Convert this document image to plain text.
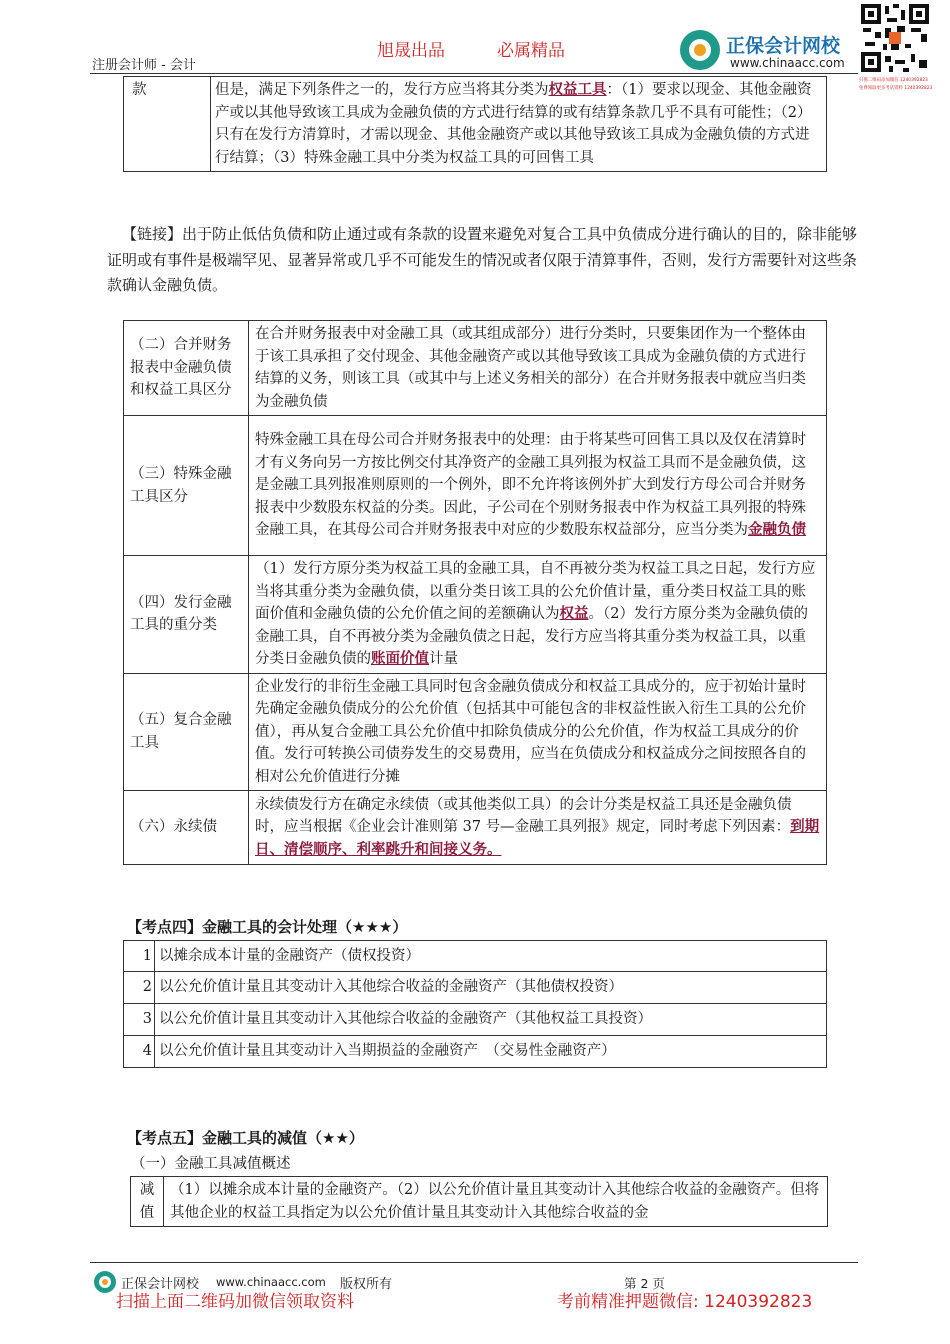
注册会计师 - 会计
旭晟出品	必属精品	正保会计网校
www.chinaacc.com
扫描二维码添加微信 1240392823
免费领取更多考试资料 1240392823
款	但是，满足下列条件之一的，发行方应当将其分类为权益工具：（1）要求以现金、其他金融资产或以其他导致该工具成为金融负债的方式进行结算的或有结算条款几乎不具有可能性；（2）只有在发行方清算时，才需以现金、其他金融资产或以其他导致该工具成为金融负债的方式进行结算；（3）特殊金融工具中分类为权益工具的可回售工具
【链接】出于防止低估负债和防止通过或有条款的设置来避免对复合工具中负债成分进行确认的目的，除非能够证明或有事件是极端罕见、显著异常或几乎不可能发生的情况或者仅限于清算事件，否则，发行方需要针对这些条款确认金融负债。
（二）合并财务报表中金融负债和权益工具区分	在合并财务报表中对金融工具（或其组成部分）进行分类时，只要集团作为一个整体由于该工具承担了交付现金、其他金融资产或以其他导致该工具成为金融负债的方式进行结算的义务，则该工具（或其中与上述义务相关的部分）在合并财务报表中就应当归类为金融负债
（三）特殊金融工具区分	特殊金融工具在母公司合并财务报表中的处理：由于将某些可回售工具以及仅在清算时才有义务向另一方按比例交付其净资产的金融工具列报为权益工具而不是金融负债，这是金融工具列报准则原则的一个例外，即不允许将该例外扩大到发行方母公司合并财务报表中少数股东权益的分类。因此，子公司在个别财务报表中作为权益工具列报的特殊金融工具，在其母公司合并财务报表中对应的少数股东权益部分，应当分类为金融负债
（四）发行金融工具的重分类	（1）发行方原分类为权益工具的金融工具，自不再被分类为权益工具之日起，发行方应当将其重分类为金融负债，以重分类日该工具的公允价值计量，重分类日权益工具的账面价值和金融负债的公允价值之间的差额确认为权益。（2）发行方原分类为金融负债的金融工具，自不再被分类为金融负债之日起，发行方应当将其重分类为权益工具，以重分类日金融负债的账面价值计量
（五）复合金融工具	企业发行的非衍生金融工具同时包含金融负债成分和权益工具成分的，应于初始计量时先确定金融负债成分的公允价值（包括其中可能包含的非权益性嵌入衍生工具的公允价值），再从复合金融工具公允价值中扣除负债成分的公允价值，作为权益工具成分的价值。发行可转换公司债券发生的交易费用，应当在负债成分和权益成分之间按照各自的相对公允价值进行分摊
（六）永续债	永续债发行方在确定永续债（或其他类似工具）的会计分类是权益工具还是金融负债时，应当根据《企业会计准则第 37 号—金融工具列报》规定，同时考虑下列因素：到期日、清偿顺序、利率跳升和间接义务。
【考点四】金融工具的会计处理（★★★）
1	以摊余成本计量的金融资产（债权投资）
2	以公允价值计量且其变动计入其他综合收益的金融资产（其他债权投资）
3	以公允价值计量且其变动计入其他综合收益的金融资产（其他权益工具投资）
4	以公允价值计量且其变动计入当期损益的金融资产　（交易性金融资产）
【考点五】金融工具的减值（★★）
（一）金融工具减值概述
减值	（1）以摊余成本计量的金融资产。（2）以公允价值计量且其变动计入其他综合收益的金融资产。但将其他企业的权益工具指定为以公允价值计量且其变动计入其他综合收益的金
正保会计网校 www.chinaacc.com 版权所有	第 2 页
扫描上面二维码加微信领取资料	考前精准押题微信: 1240392823
